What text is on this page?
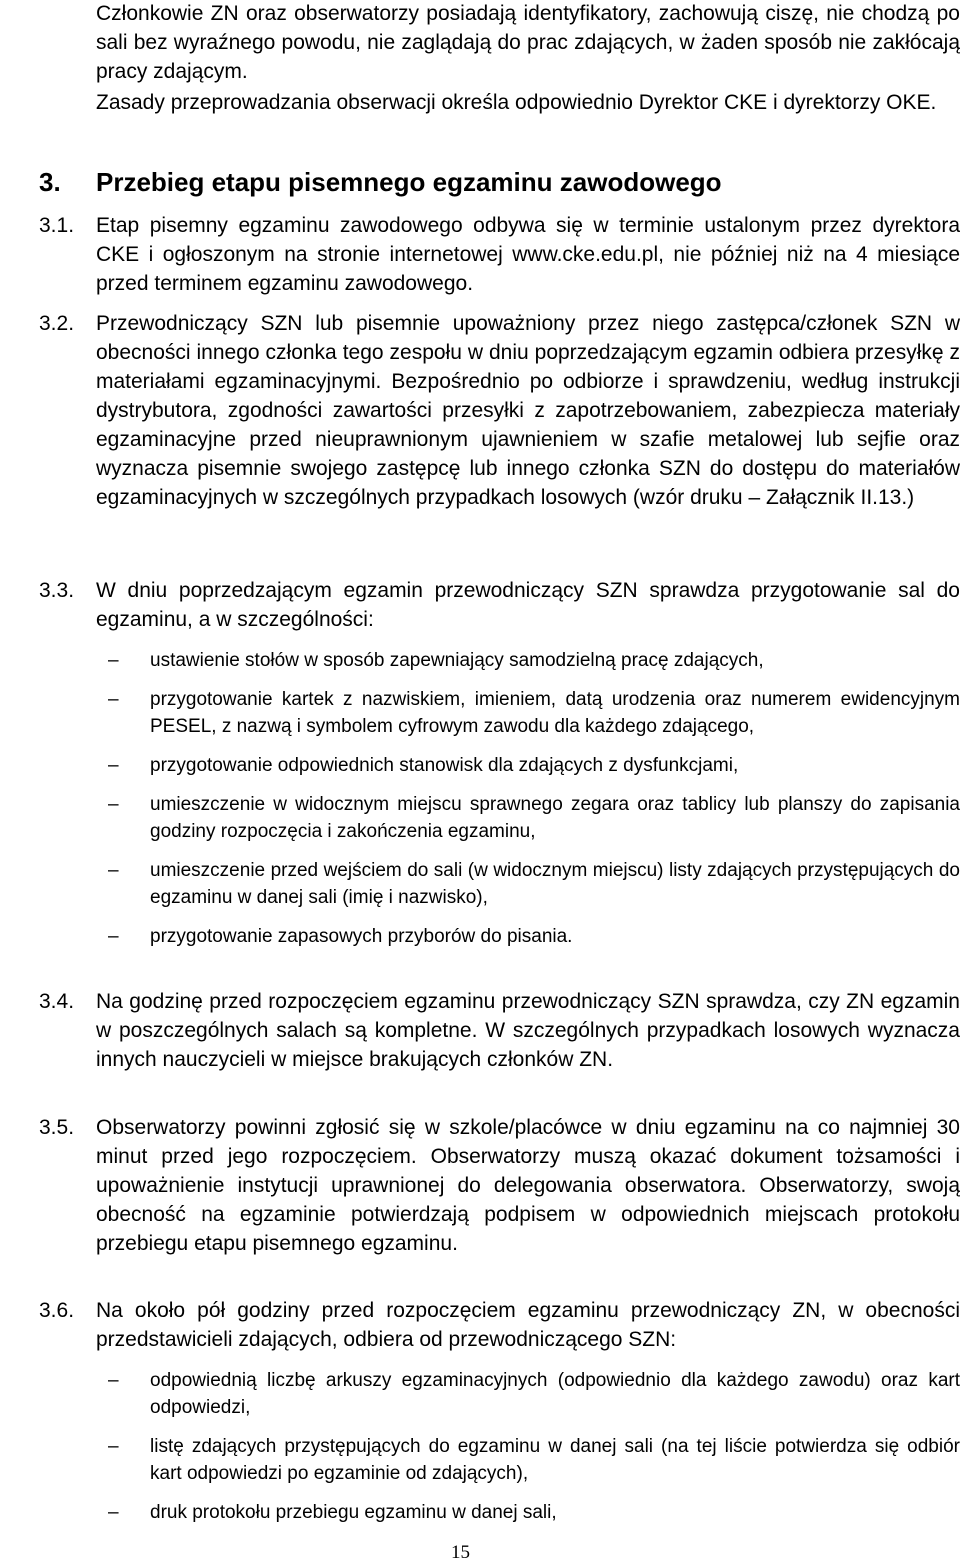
Członkowie ZN oraz obserwatorzy posiadają identyfikatory, zachowują ciszę, nie chodzą po sali bez wyraźnego powodu, nie zaglądają do prac zdających, w żaden sposób nie zakłócają pracy zdającym.

Zasady przeprowadzania obserwacji określa odpowiednio Dyrektor CKE i dyrektorzy OKE.

3. Przebieg etapu pisemnego egzaminu zawodowego
3.1. Etap pisemny egzaminu zawodowego odbywa się w terminie ustalonym przez dyrektora CKE i ogłoszonym na stronie internetowej www.cke.edu.pl, nie później niż na 4 miesiące przed terminem egzaminu zawodowego.

3.2. Przewodniczący SZN lub pisemnie upoważniony przez niego zastępca/członek SZN w obecności innego członka tego zespołu w dniu poprzedzającym egzamin odbiera przesyłkę z materiałami egzaminacyjnymi. Bezpośrednio po odbiorze i sprawdzeniu, według instrukcji dystrybutora, zgodności zawartości przesyłki z zapotrzebowaniem, zabezpiecza materiały egzaminacyjne przed nieuprawnionym ujawnieniem w szafie metalowej lub sejfie oraz wyznacza pisemnie swojego zastępcę lub innego członka SZN do dostępu do materiałów egzaminacyjnych w szczególnych przypadkach losowych (wzór druku – Załącznik II.13.)

3.3. W dniu poprzedzającym egzamin przewodniczący SZN sprawdza przygotowanie sal do egzaminu, a w szczególności:

– ustawienie stołów w sposób zapewniający samodzielną pracę zdających,
– przygotowanie kartek z nazwiskiem, imieniem, datą urodzenia oraz numerem ewidencyjnym PESEL, z nazwą i symbolem cyfrowym zawodu dla każdego zdającego,
– przygotowanie odpowiednich stanowisk dla zdających z dysfunkcjami,
– umieszczenie w widocznym miejscu sprawnego zegara oraz tablicy lub planszy do zapisania godziny rozpoczęcia i zakończenia egzaminu,
– umieszczenie przed wejściem do sali (w widocznym miejscu) listy zdających przystępujących do egzaminu w danej sali (imię i nazwisko),
– przygotowanie zapasowych przyborów do pisania.
3.4. Na godzinę przed rozpoczęciem egzaminu przewodniczący SZN sprawdza, czy ZN egzamin w poszczególnych salach są kompletne. W szczególnych przypadkach losowych wyznacza innych nauczycieli w miejsce brakujących członków ZN.

3.5. Obserwatorzy powinni zgłosić się w szkole/placówce w dniu egzaminu na co najmniej 30 minut przed jego rozpoczęciem. Obserwatorzy muszą okazać dokument tożsamości i upoważnienie instytucji uprawnionej do delegowania obserwatora. Obserwatorzy, swoją obecność na egzaminie potwierdzają podpisem w odpowiednich miejscach protokołu przebiegu etapu pisemnego egzaminu.

3.6. Na około pół godziny przed rozpoczęciem egzaminu przewodniczący ZN, w obecności przedstawicieli zdających, odbiera od przewodniczącego SZN:

– odpowiednią liczbę arkuszy egzaminacyjnych (odpowiednio dla każdego zawodu) oraz kart odpowiedzi,
– listę zdających przystępujących do egzaminu w danej sali (na tej liście potwierdza się odbiór kart odpowiedzi po egzaminie od zdających),
– druk protokołu przebiegu egzaminu w danej sali,
15
